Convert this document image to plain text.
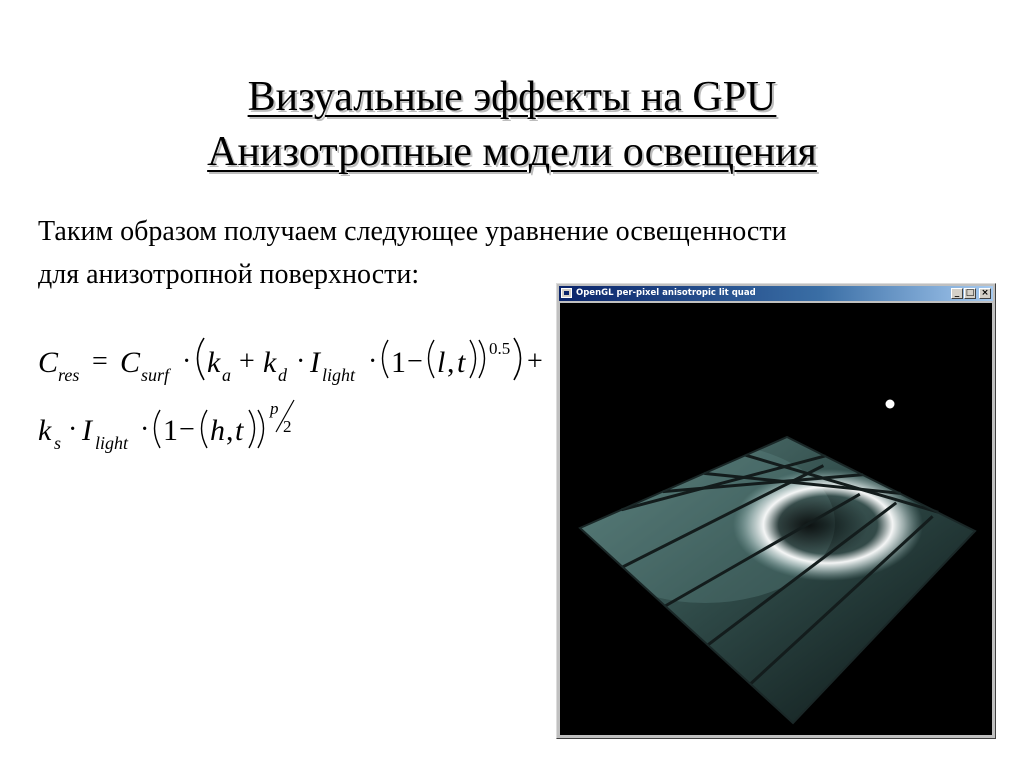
Визуальные эффекты на GPU
Анизотропные модели освещения
Таким образом получаем следующее уравнение освещенности
для анизотропной поверхности:
C res = C surf · k a + k d · I light · 1 − l , t 0.5 +
k s · I light · 1 − h , t
p
2
OpenGL per-pixel anisotropic lit quad	_ □ ×
